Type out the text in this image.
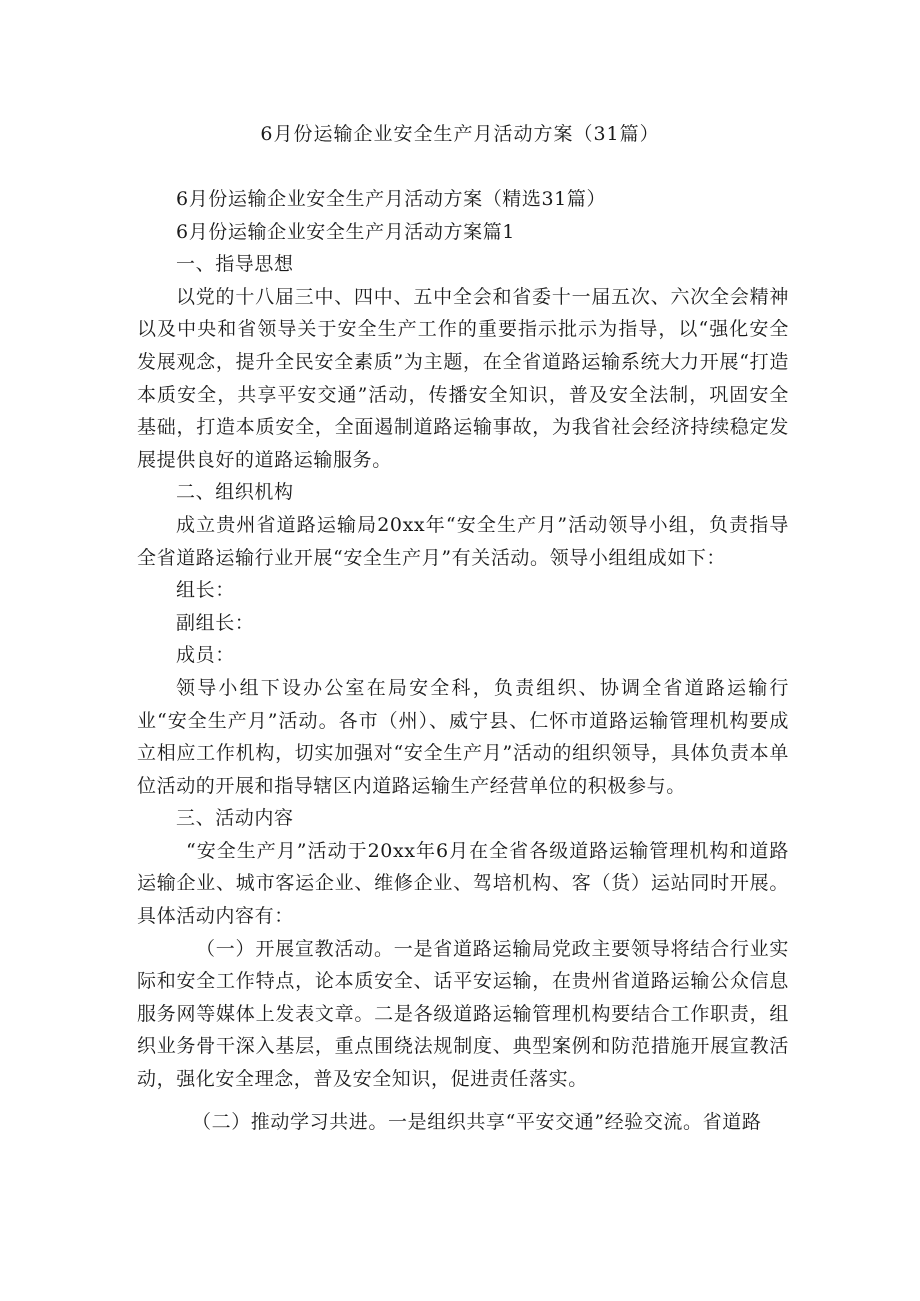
6月份运输企业安全生产月活动方案（31篇）

6月份运输企业安全生产月活动方案（精选31篇）

6月份运输企业安全生产月活动方案篇1

一、指导思想

以党的十八届三中、四中、五中全会和省委十一届五次、六次全会精神以及中央和省领导关于安全生产工作的重要指示批示为指导，以“强化安全发展观念，提升全民安全素质”为主题，在全省道路运输系统大力开展“打造本质安全，共享平安交通”活动，传播安全知识，普及安全法制，巩固安全基础，打造本质安全，全面遏制道路运输事故，为我省社会经济持续稳定发展提供良好的道路运输服务。

二、组织机构

成立贵州省道路运输局20xx年“安全生产月”活动领导小组，负责指导全省道路运输行业开展“安全生产月”有关活动。领导小组组成如下：

组长：

副组长：

成员：

领导小组下设办公室在局安全科，负责组织、协调全省道路运输行业“安全生产月”活动。各市（州）、威宁县、仁怀市道路运输管理机构要成立相应工作机构，切实加强对“安全生产月”活动的组织领导，具体负责本单位活动的开展和指导辖区内道路运输生产经营单位的积极参与。

三、活动内容

“安全生产月”活动于20xx年6月在全省各级道路运输管理机构和道路运输企业、城市客运企业、维修企业、驾培机构、客（货）运站同时开展。具体活动内容有：

（一）开展宣教活动。一是省道路运输局党政主要领导将结合行业实际和安全工作特点，论本质安全、话平安运输，在贵州省道路运输公众信息服务网等媒体上发表文章。二是各级道路运输管理机构要结合工作职责，组织业务骨干深入基层，重点围绕法规制度、典型案例和防范措施开展宣教活动，强化安全理念，普及安全知识，促进责任落实。

（二）推动学习共进。一是组织共享“平安交通”经验交流。省道路
